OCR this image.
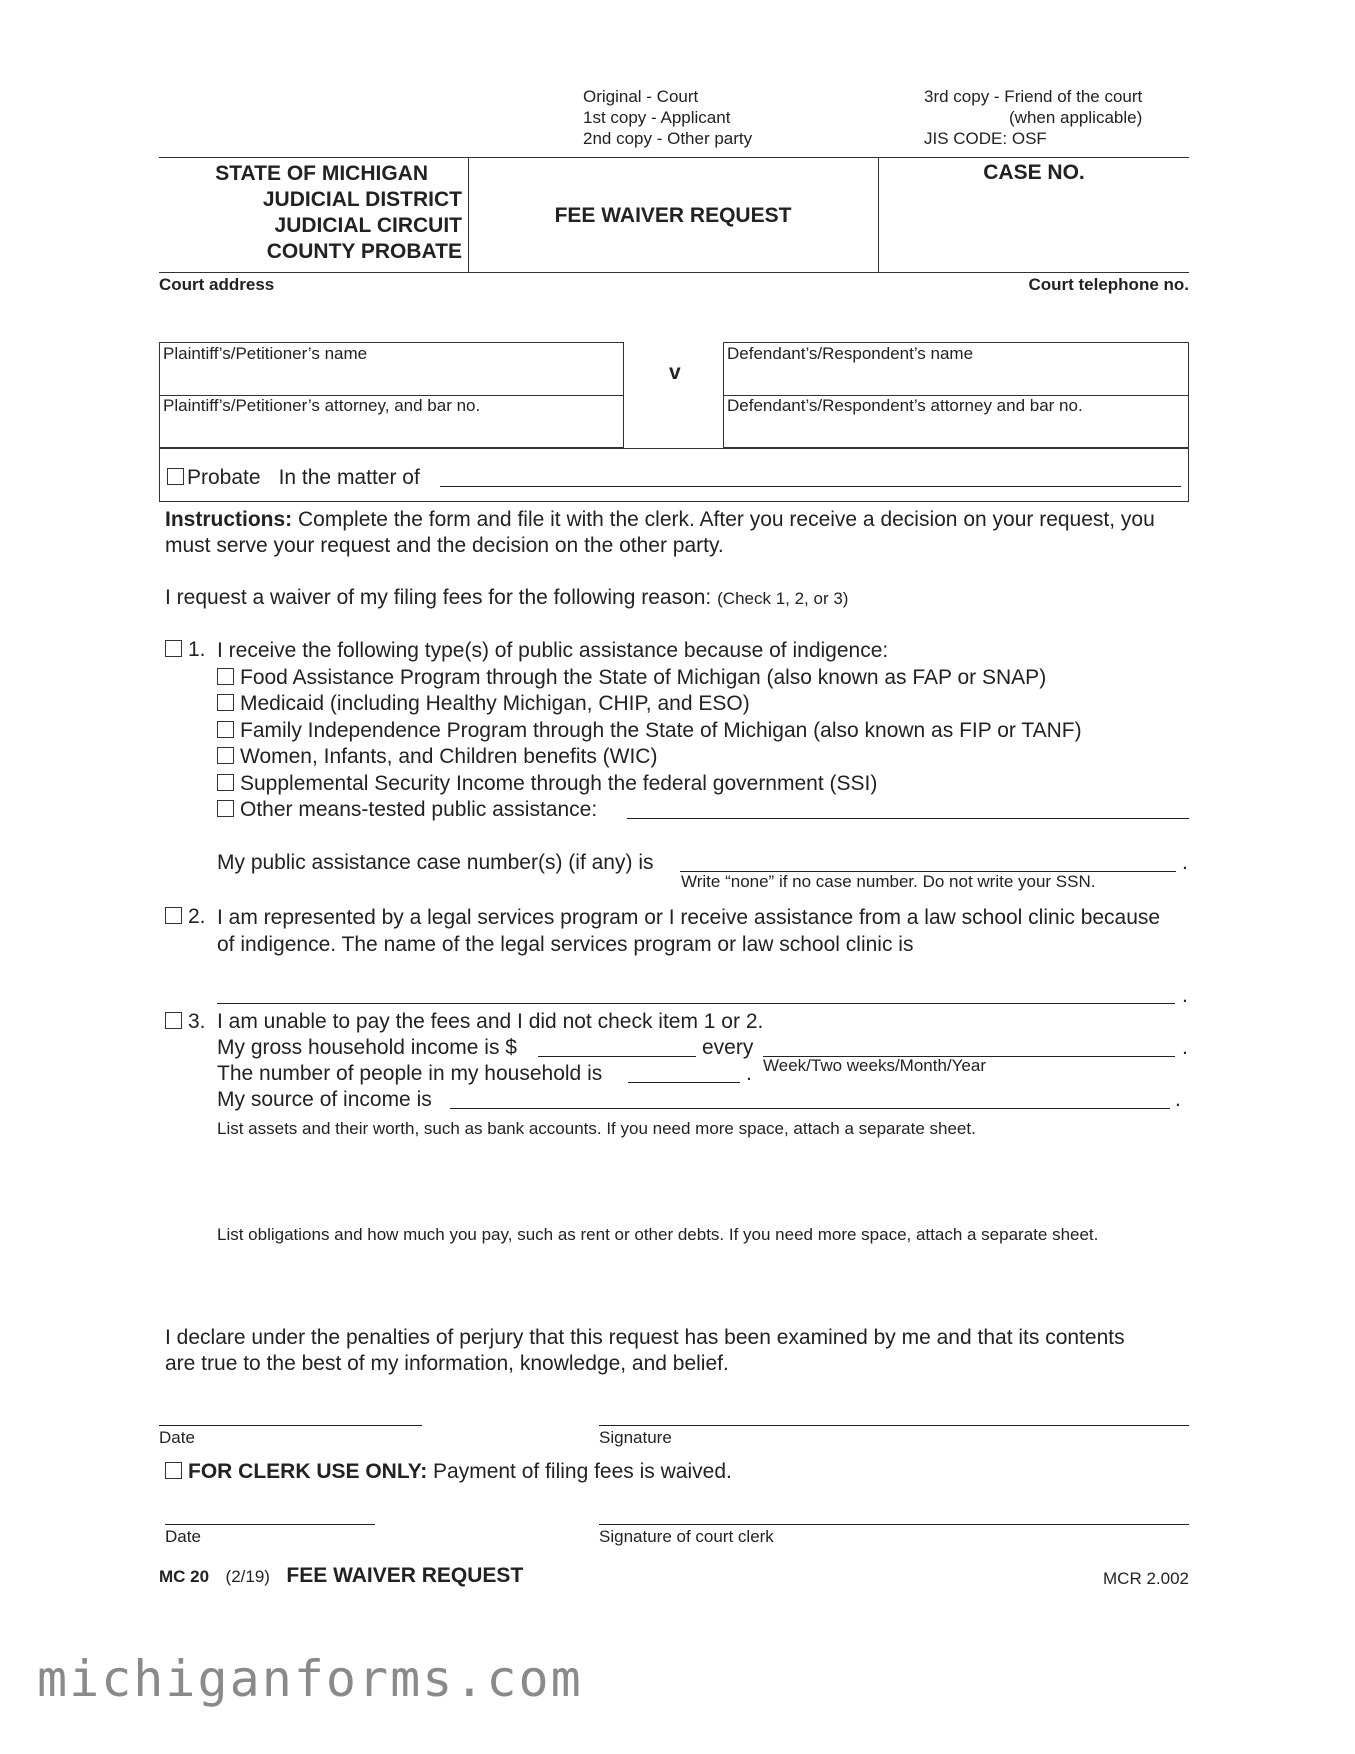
Original - Court
1st copy - Applicant
2nd copy - Other party
3rd copy - Friend of the court
(when applicable)
JIS CODE: OSF
STATE OF MICHIGAN
JUDICIAL DISTRICT
JUDICIAL CIRCUIT
COUNTY PROBATE
FEE WAIVER REQUEST
CASE NO.
Court address	Court telephone no.
Plaintiff’s/Petitioner’s name
Plaintiff’s/Petitioner’s attorney, and bar no.
v
Defendant’s/Respondent’s name
Defendant’s/Respondent’s attorney and bar no.
Probate In the matter of
Instructions: Complete the form and file it with the clerk. After you receive a decision on your request, you
must serve your request and the decision on the other party.
I request a waiver of my filing fees for the following reason: (Check 1, 2, or 3)
1. I receive the following type(s) of public assistance because of indigence:
Food Assistance Program through the State of Michigan (also known as FAP or SNAP)
Medicaid (including Healthy Michigan, CHIP, and ESO)
Family Independence Program through the State of Michigan (also known as FIP or TANF)
Women, Infants, and Children benefits (WIC)
Supplemental Security Income through the federal government (SSI)
Other means-tested public assistance:
My public assistance case number(s) (if any) is	.
Write “none” if no case number. Do not write your SSN.
2. I am represented by a legal services program or I receive assistance from a law school clinic because
of indigence. The name of the legal services program or law school clinic is
.
3. I am unable to pay the fees and I did not check item 1 or 2.
My gross household income is $	every	.
Week/Two weeks/Month/Year
The number of people in my household is	.
My source of income is	.
List assets and their worth, such as bank accounts. If you need more space, attach a separate sheet.
List obligations and how much you pay, such as rent or other debts. If you need more space, attach a separate sheet.
I declare under the penalties of perjury that this request has been examined by me and that its contents
are true to the best of my information, knowledge, and belief.
Date	Signature
FOR CLERK USE ONLY: Payment of filing fees is waived.
Date	Signature of court clerk
MC 20 (2/19) FEE WAIVER REQUEST	MCR 2.002
michiganforms.com
